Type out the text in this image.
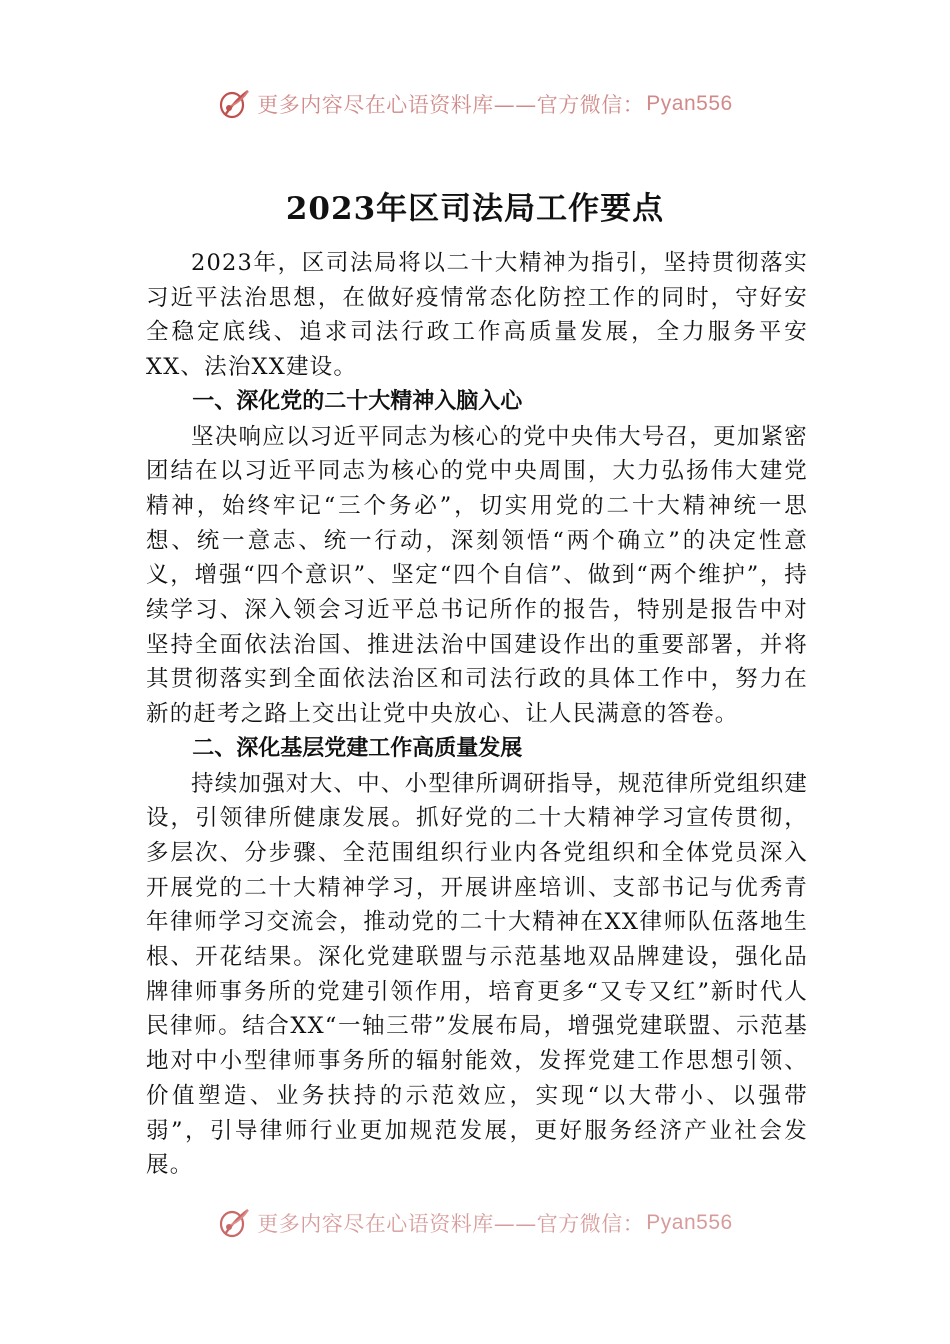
更多内容尽在心语资料库——官方微信： Pyan556
2023年区司法局工作要点

2023年，区司法局将以二十大精神为指引，坚持贯彻落实习近平法治思想，在做好疫情常态化防控工作的同时，守好安全稳定底线、追求司法行政工作高质量发展，全力服务平安XX、法治XX建设。

一、深化党的二十大精神入脑入心

坚决响应以习近平同志为核心的党中央伟大号召，更加紧密团结在以习近平同志为核心的党中央周围，大力弘扬伟大建党精神，始终牢记“三个务必”，切实用党的二十大精神统一思想、统一意志、统一行动，深刻领悟“两个确立”的决定性意义，增强“四个意识”、坚定“四个自信”、做到“两个维护”，持续学习、深入领会习近平总书记所作的报告，特别是报告中对坚持全面依法治国、推进法治中国建设作出的重要部署，并将其贯彻落实到全面依法治区和司法行政的具体工作中，努力在新的赶考之路上交出让党中央放心、让人民满意的答卷。

二、深化基层党建工作高质量发展

持续加强对大、中、小型律所调研指导，规范律所党组织建设，引领律所健康发展。抓好党的二十大精神学习宣传贯彻，多层次、分步骤、全范围组织行业内各党组织和全体党员深入开展党的二十大精神学习，开展讲座培训、支部书记与优秀青年律师学习交流会，推动党的二十大精神在XX律师队伍落地生根、开花结果。深化党建联盟与示范基地双品牌建设，强化品牌律师事务所的党建引领作用，培育更多“又专又红”新时代人民律师。结合XX“一轴三带”发展布局，增强党建联盟、示范基地对中小型律师事务所的辐射能效，发挥党建工作思想引领、价值塑造、业务扶持的示范效应，实现“以大带小、以强带弱”，引导律师行业更加规范发展，更好服务经济产业社会发展。

更多内容尽在心语资料库——官方微信： Pyan556
